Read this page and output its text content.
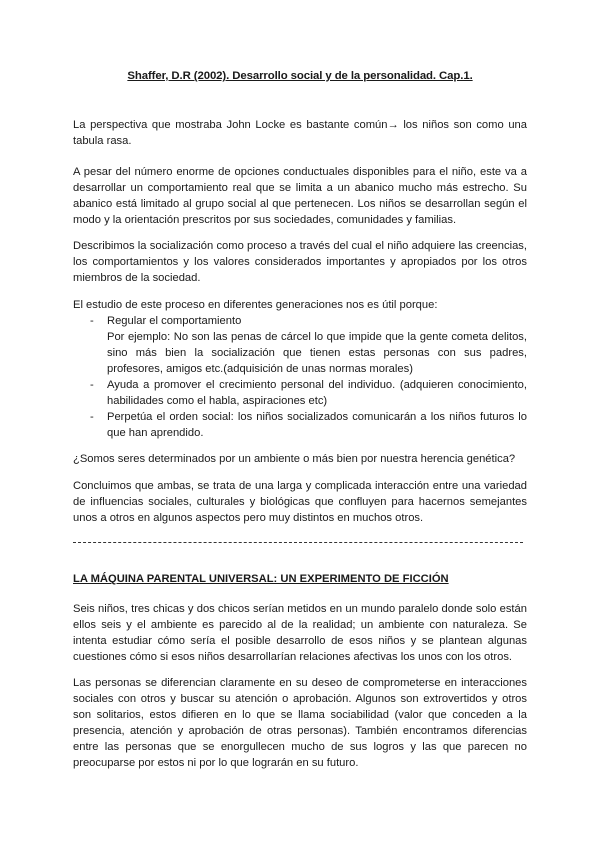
Shaffer, D.R (2002). Desarrollo social y de la personalidad. Cap.1.

La perspectiva que mostraba John Locke es bastante común→ los niños son como una tabula rasa.

A pesar del número enorme de opciones conductuales disponibles para el niño, este va a desarrollar un comportamiento real que se limita a un abanico mucho más estrecho. Su abanico está limitado al grupo social al que pertenecen. Los niños se desarrollan según el modo y la orientación prescritos por sus sociedades, comunidades y familias.

Describimos la socialización como proceso a través del cual el niño adquiere las creencias, los comportamientos y los valores considerados importantes y apropiados por los otros miembros de la sociedad.

El estudio de este proceso en diferentes generaciones nos es útil porque:

- Regular el comportamiento
Por ejemplo: No son las penas de cárcel lo que impide que la gente cometa delitos, sino más bien la socialización que tienen estas personas con sus padres, profesores, amigos etc.(adquisición de unas normas morales)
- Ayuda a promover el crecimiento personal del individuo. (adquieren conocimiento, habilidades como el habla, aspiraciones etc)
- Perpetúa el orden social: los niños socializados comunicarán a los niños futuros lo que han aprendido.

¿Somos seres determinados por un ambiente o más bien por nuestra herencia genética?

Concluimos que ambas, se trata de una larga y complicada interacción entre una variedad de influencias sociales, culturales y biológicas que confluyen para hacernos semejantes unos a otros en algunos aspectos pero muy distintos en muchos otros.

LA MÁQUINA PARENTAL UNIVERSAL: UN EXPERIMENTO DE FICCIÓN

Seis niños, tres chicas y dos chicos serían metidos en un mundo paralelo donde solo están ellos seis y el ambiente es parecido al de la realidad; un ambiente con naturaleza. Se intenta estudiar cómo sería el posible desarrollo de esos niños y se plantean algunas cuestiones cómo si esos niños desarrollarían relaciones afectivas los unos con los otros.

Las personas se diferencian claramente en su deseo de comprometerse en interacciones sociales con otros y buscar su atención o aprobación. Algunos son extrovertidos y otros son solitarios, estos difieren en lo que se llama sociabilidad (valor que conceden a la presencia, atención y aprobación de otras personas). También encontramos diferencias entre las personas que se enorgullecen mucho de sus logros y las que parecen no preocuparse por estos ni por lo que lograrán en su futuro.
